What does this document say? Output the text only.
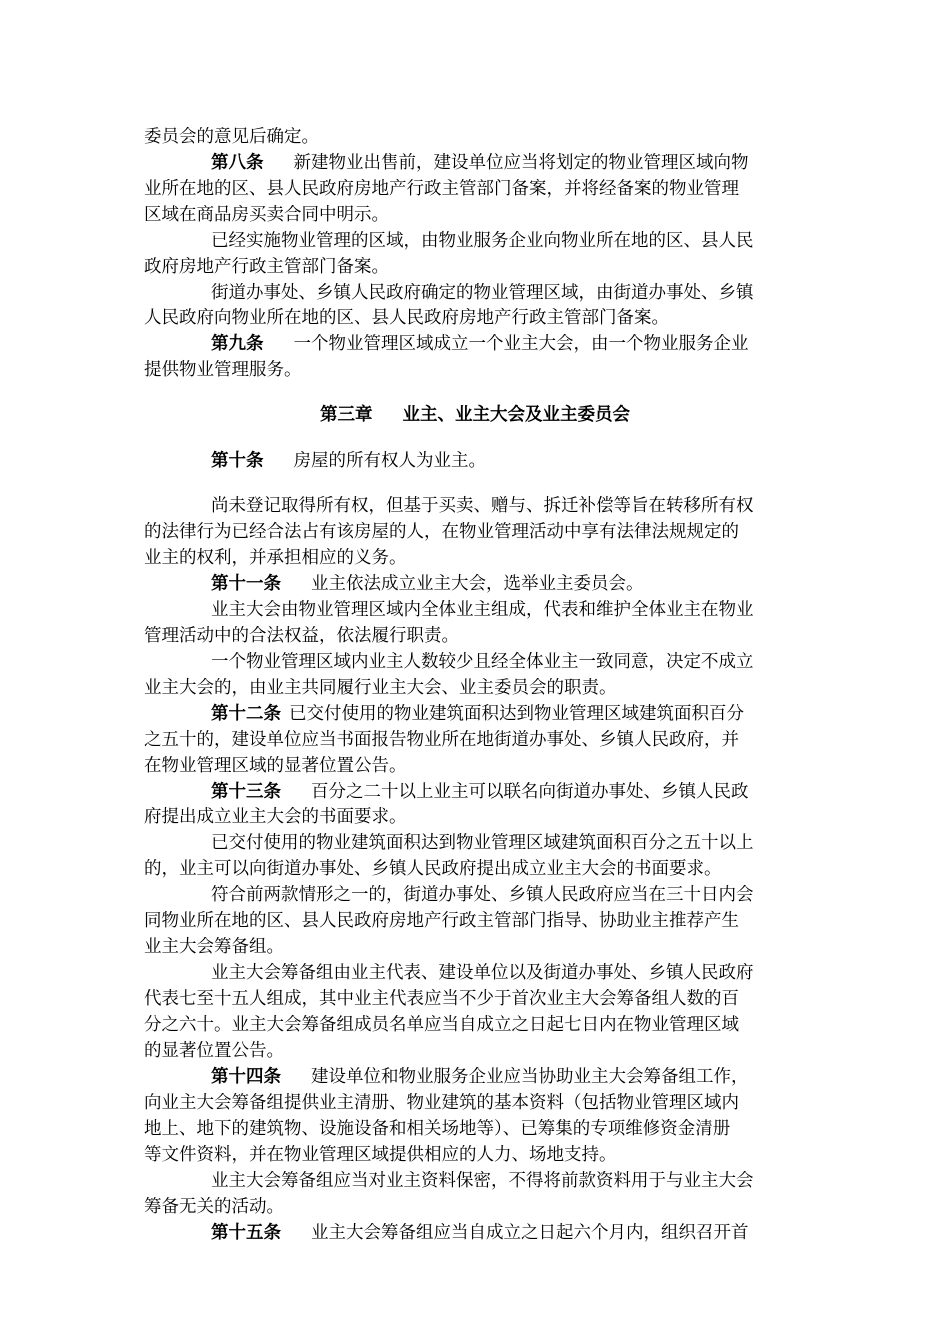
委员会的意见后确定。
第八条 新建物业出售前，建设单位应当将划定的物业管理区域向物
业所在地的区、县人民政府房地产行政主管部门备案，并将经备案的物业管理
区域在商品房买卖合同中明示。
已经实施物业管理的区域，由物业服务企业向物业所在地的区、县人民
政府房地产行政主管部门备案。
街道办事处、乡镇人民政府确定的物业管理区域，由街道办事处、乡镇
人民政府向物业所在地的区、县人民政府房地产行政主管部门备案。
第九条 一个物业管理区域成立一个业主大会，由一个物业服务企业
提供物业管理服务。
第三章 业主、业主大会及业主委员会
第十条 房屋的所有权人为业主。
尚未登记取得所有权，但基于买卖、赠与、拆迁补偿等旨在转移所有权
的法律行为已经合法占有该房屋的人，在物业管理活动中享有法律法规规定的
业主的权利，并承担相应的义务。
第十一条 业主依法成立业主大会，选举业主委员会。
业主大会由物业管理区域内全体业主组成，代表和维护全体业主在物业
管理活动中的合法权益，依法履行职责。
一个物业管理区域内业主人数较少且经全体业主一致同意，决定不成立
业主大会的，由业主共同履行业主大会、业主委员会的职责。
第十二条 已交付使用的物业建筑面积达到物业管理区域建筑面积百分
之五十的，建设单位应当书面报告物业所在地街道办事处、乡镇人民政府，并
在物业管理区域的显著位置公告。
第十三条 百分之二十以上业主可以联名向街道办事处、乡镇人民政
府提出成立业主大会的书面要求。
已交付使用的物业建筑面积达到物业管理区域建筑面积百分之五十以上
的，业主可以向街道办事处、乡镇人民政府提出成立业主大会的书面要求。
符合前两款情形之一的，街道办事处、乡镇人民政府应当在三十日内会
同物业所在地的区、县人民政府房地产行政主管部门指导、协助业主推荐产生
业主大会筹备组。
业主大会筹备组由业主代表、建设单位以及街道办事处、乡镇人民政府
代表七至十五人组成，其中业主代表应当不少于首次业主大会筹备组人数的百
分之六十。业主大会筹备组成员名单应当自成立之日起七日内在物业管理区域
的显著位置公告。
第十四条 建设单位和物业服务企业应当协助业主大会筹备组工作，
向业主大会筹备组提供业主清册、物业建筑的基本资料（包括物业管理区域内
地上、地下的建筑物、设施设备和相关场地等）、已筹集的专项维修资金清册
等文件资料，并在物业管理区域提供相应的人力、场地支持。
业主大会筹备组应当对业主资料保密，不得将前款资料用于与业主大会
筹备无关的活动。
第十五条 业主大会筹备组应当自成立之日起六个月内，组织召开首
